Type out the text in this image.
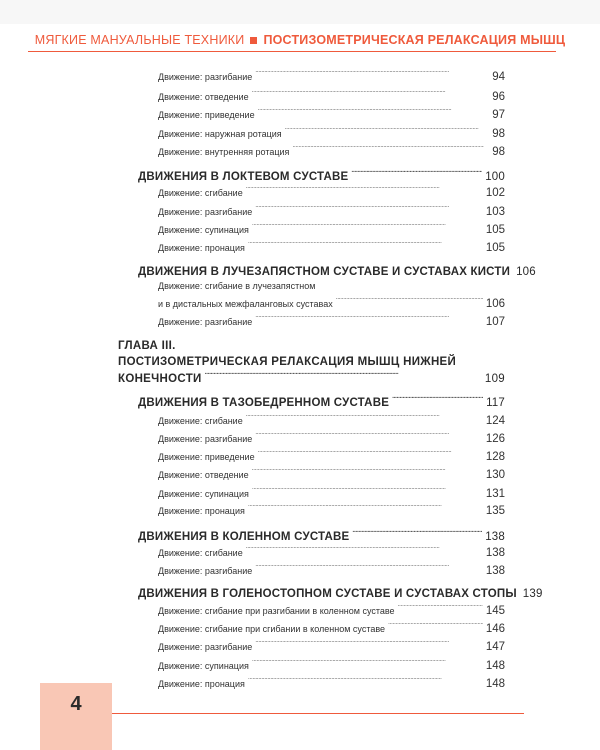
МЯГКИЕ МАНУАЛЬНЫЕ ТЕХНИКИ ПОСТИЗОМЕТРИЧЕСКАЯ РЕЛАКСАЦИЯ МЫШЦ
Движение: разгибание . . .	94
Движение: отведение . . .	96
Движение: приведение . . .	97
Движение: наружная ротация . . .	98
Движение: внутренняя ротация . . .	98
ДВИЖЕНИЯ В ЛОКТЕВОМ СУСТАВЕ . . .	100
Движение: сгибание . . .	102
Движение: разгибание . . .	103
Движение: супинация . . .	105
Движение: пронация . . .	105
ДВИЖЕНИЯ В ЛУЧЕЗАПЯСТНОМ СУСТАВЕ И СУСТАВАХ КИСТИ 106
Движение: сгибание в лучезапястном
и в дистальных межфаланговых суставах . . .	106
Движение: разгибание . . .	107
ГЛАВА III.
ПОСТИЗОМЕТРИЧЕСКАЯ РЕЛАКСАЦИЯ МЫШЦ НИЖНЕЙ
КОНЕЧНОСТИ . . .	109
ДВИЖЕНИЯ В ТАЗОБЕДРЕННОМ СУСТАВЕ . . .	117
Движение: сгибание . . .	124
Движение: разгибание . . .	126
Движение: приведение . . .	128
Движение: отведение . . .	130
Движение: супинация . . .	131
Движение: пронация . . .	135
ДВИЖЕНИЯ В КОЛЕННОМ СУСТАВЕ . . .	138
Движение: сгибание . . .	138
Движение: разгибание . . .	138
ДВИЖЕНИЯ В ГОЛЕНОСТОПНОМ СУСТАВЕ И СУСТАВАХ СТОПЫ 139
Движение: сгибание при разгибании в коленном суставе . . .	145
Движение: сгибание при сгибании в коленном суставе . . .	146
Движение: разгибание . . .	147
Движение: супинация . . .	148
Движение: пронация . . .	148
4
